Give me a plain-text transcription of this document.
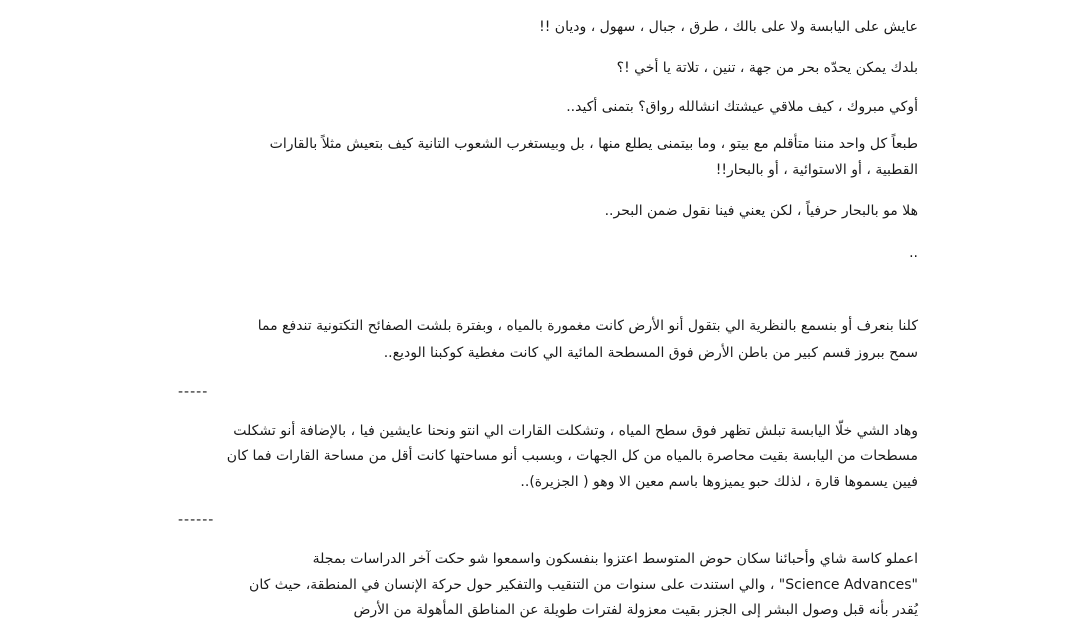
عايش على اليابسة ولا على بالك ، طرق ، جبال ، سهول ، وديان !!
بلدك يمكن يحدّه بحر من جهة ، تنين ، تلاتة يا أخي !؟
أوكي مبروك ، كيف ملاقي عيشتك انشالله رواق؟ بتمنى أكيد..
طبعاً كل واحد مننا متأقلم مع بيتو ، وما بيتمنى يطلع منها ، بل وبيستغرب الشعوب التانية كيف بتعيش مثلاً بالقارات
القطبية ، أو الاستوائية ، أو بالبحار!!
هلا مو بالبحار حرفياً ، لكن يعني فينا نقول ضمن البحر..
..
كلنا بنعرف أو بنسمع بالنظرية الي بتقول أنو الأرض كانت مغمورة بالمياه ، وبفترة بلشت الصفائح التكتونية تندفع مما
سمح ببروز قسم كبير من باطن الأرض فوق المسطحة المائية الي كانت مغطية كوكبنا الوديع..
-----
وهاد الشي خلّا اليابسة تبلش تظهر فوق سطح المياه ، وتشكلت القارات الي انتو ونحنا عايشين فيا ، بالإضافة أنو تشكلت
مسطحات من اليابسة بقيت محاصرة بالمياه من كل الجهات ، وبسبب أنو مساحتها كانت أقل من مساحة القارات فما كان
فيين يسموها قارة ، لذلك حبو يميزوها باسم معين الا وهو ( الجزيرة)..
------
اعملو كاسة شاي وأحبائنا سكان حوض المتوسط اعتزوا بنفسكون واسمعوا شو حكت آخر الدراسات بمجلة
"Science Advances" ، والي استندت على سنوات من التنقيب والتفكير حول حركة الإنسان في المنطقة، حيث كان
يُقدر بأنه قبل وصول البشر إلى الجزر بقيت معزولة لفترات طويلة عن المناطق المأهولة من الأرض
